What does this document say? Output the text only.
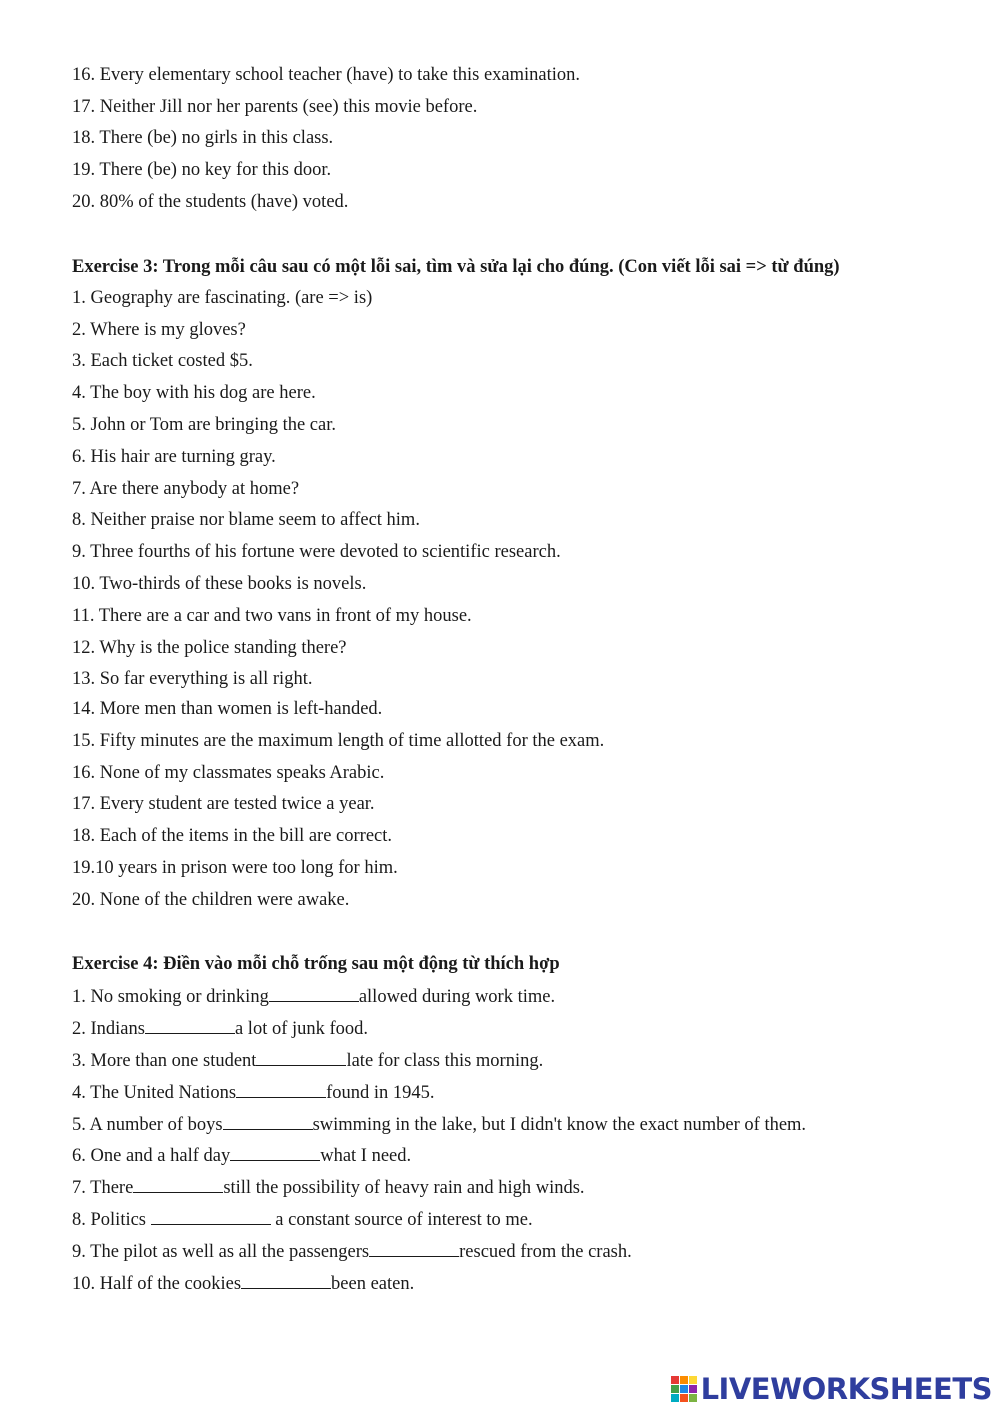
16. Every elementary school teacher (have) to take this examination.
17. Neither Jill nor her parents (see) this movie before.
18. There (be) no girls in this class.
19. There (be) no key for this door.
20. 80% of the students (have) voted.
Exercise 3: Trong mỗi câu sau có một lỗi sai, tìm và sửa lại cho đúng. (Con viết lỗi sai => từ đúng)
1. Geography are fascinating. (are => is)
2. Where is my gloves?
3. Each ticket costed $5.
4. The boy with his dog are here.
5. John or Tom are bringing the car.
6. His hair are turning gray.
7. Are there anybody at home?
8. Neither praise nor blame seem to affect him.
9. Three fourths of his fortune were devoted to scientific research.
10. Two-thirds of these books is novels.
11. There are a car and two vans in front of my house.
12. Why is the police standing there?
13. So far everything is all right.
14. More men than women is left-handed.
15. Fifty minutes are the maximum length of time allotted for the exam.
16. None of my classmates speaks Arabic.
17. Every student are tested twice a year.
18. Each of the items in the bill are correct.
19.10 years in prison were too long for him.
20. None of the children were awake.
Exercise 4: Điền vào mỗi chỗ trống sau một động từ thích hợp
1. No smoking or drinking	allowed during work time.
2. Indians	a lot of junk food.
3. More than one student	late for class this morning.
4. The United Nations	found in 1945.
5. A number of boys	swimming in the lake, but I didn't know the exact number of them.
6. One and a half day	what I need.
7. There	still the possibility of heavy rain and high winds.
8. Politics	a constant source of interest to me.
9. The pilot as well as all the passengers	rescued from the crash.
10. Half of the cookies	been eaten.
LIVEWORKSHEETS
